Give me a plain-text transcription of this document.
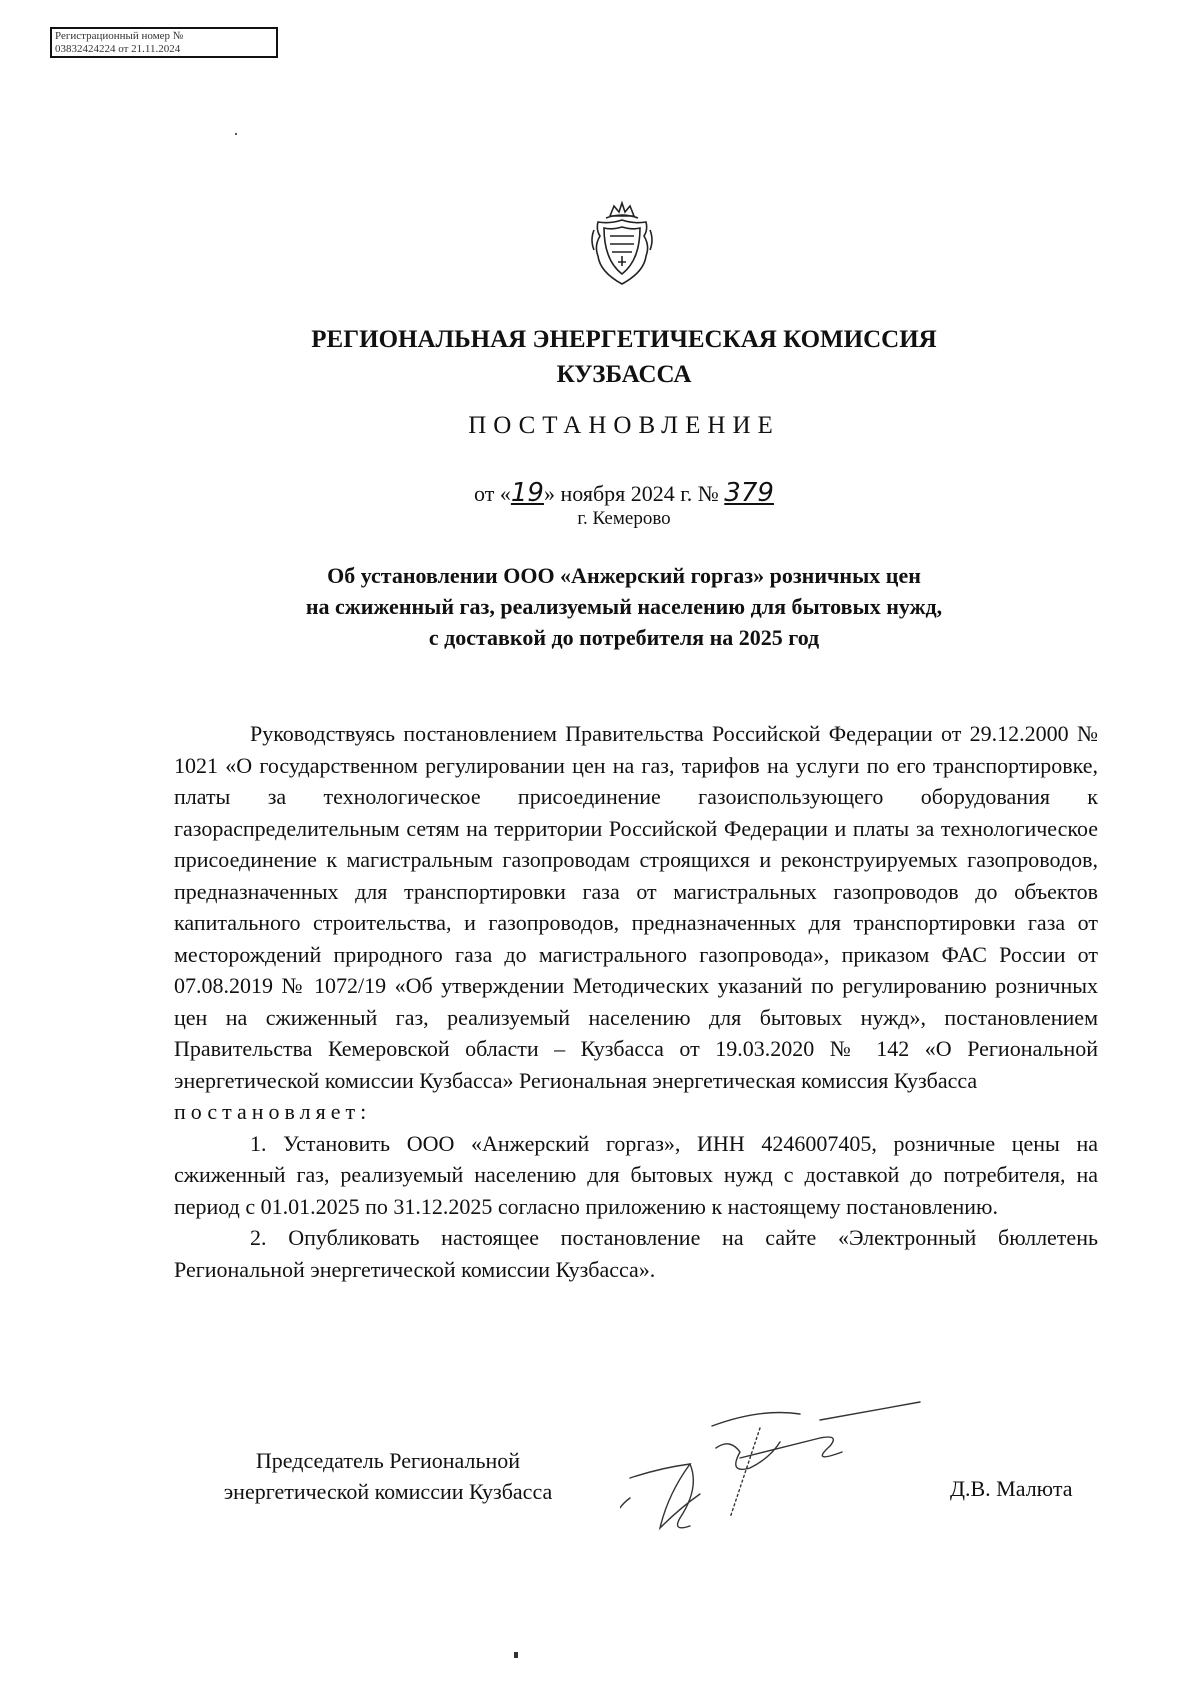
Регистрационный номер №
03832424224 от 21.11.2024
РЕГИОНАЛЬНАЯ ЭНЕРГЕТИЧЕСКАЯ КОМИССИЯ
КУЗБАССА
ПОСТАНОВЛЕНИЕ
от «19» ноября 2024 г. № 379
г. Кемерово
Об установлении ООО «Анжерский горгаз» розничных цен
на сжиженный газ, реализуемый населению для бытовых нужд,
с доставкой до потребителя на 2025 год

Руководствуясь постановлением Правительства Российской Федерации от 29.12.2000 № 1021 «О государственном регулировании цен на газ, тарифов на услуги по его транспортировке, платы за технологическое присоединение газоиспользующего оборудования к газораспределительным сетям на территории Российской Федерации и платы за технологическое присоединение к магистральным газопроводам строящихся и реконструируемых газопроводов, предназначенных для транспортировки газа от магистральных газопроводов до объектов капитального строительства, и газопроводов, предназначенных для транспортировки газа от месторождений природного газа до магистрального газопровода», приказом ФАС России от 07.08.2019 № 1072/19 «Об утверждении Методических указаний по регулированию розничных цен на сжиженный газ, реализуемый населению для бытовых нужд», постановлением Правительства Кемеровской области – Кузбасса от 19.03.2020 № 142 «О Региональной энергетической комиссии Кузбасса» Региональная энергетическая комиссия Кузбасса

постановляет:

1. Установить ООО «Анжерский горгаз», ИНН 4246007405, розничные цены на сжиженный газ, реализуемый населению для бытовых нужд с доставкой до потребителя, на период с 01.01.2025 по 31.12.2025 согласно приложению к настоящему постановлению.

2. Опубликовать настоящее постановление на сайте «Электронный бюллетень Региональной энергетической комиссии Кузбасса».

Председатель Региональной
энергетической комиссии Кузбасса	Д.В. Малюта
